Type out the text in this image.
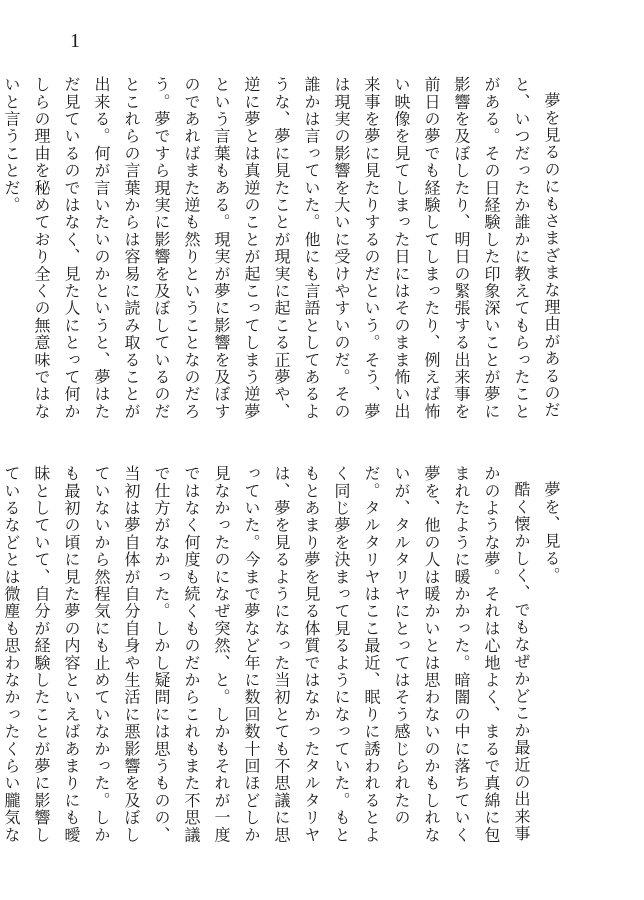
1

夢を見るのにもさまざまな理由があるのだと、いつだったか誰かに教えてもらったことがある。その日経験した印象深いことが夢に影響を及ぼしたり、明日の緊張する出来事を前日の夢でも経験してしまったり、例えば怖い映像を見てしまった日にはそのまま怖い出来事を夢に見たりするのだという。そう、夢は現実の影響を大いに受けやすいのだ。その誰かは言っていた。他にも言語としてあるような、夢に見たことが現実に起こる正夢や、逆に夢とは真逆のことが起こってしまう逆夢という言葉もある。現実が夢に影響を及ぼすのであればまた逆も然りということなのだろう。夢ですら現実に影響を及ぼしているのだとこれらの言葉からは容易に読み取ることが出来る。何が言いたいのかというと、夢はただ見ているのではなく、見た人にとって何かしらの理由を秘めており全くの無意味ではないと言うことだ。

夢を、見る。

酷く懐かしく、でもなぜかどこか最近の出来事かのような夢。それは心地よく、まるで真綿に包まれたように暖かかった。暗闇の中に落ちていく夢を、他の人は暖かいとは思わないのかもしれないが、タルタリヤにとってはそう感じられたのだ。タルタリヤはここ最近、眠りに誘われるとよく同じ夢を決まって見るようになっていた。もともとあまり夢を見る体質ではなかったタルタリヤは、夢を見るようになった当初とても不思議に思っていた。今まで夢など年に数回数十回ほどしか見なかったのになぜ突然、と。しかもそれが一度ではなく何度も続くものだからこれもまた不思議で仕方がなかった。しかし疑問には思うものの、当初は夢自体が自分自身や生活に悪影響を及ぼしていないから然程気にも止めていなかった。しかも最初の頃に見た夢の内容といえばあまりにも曖昧としていて、自分が経験したことが夢に影響しているなどとは微塵も思わなかったくらい朧気な
